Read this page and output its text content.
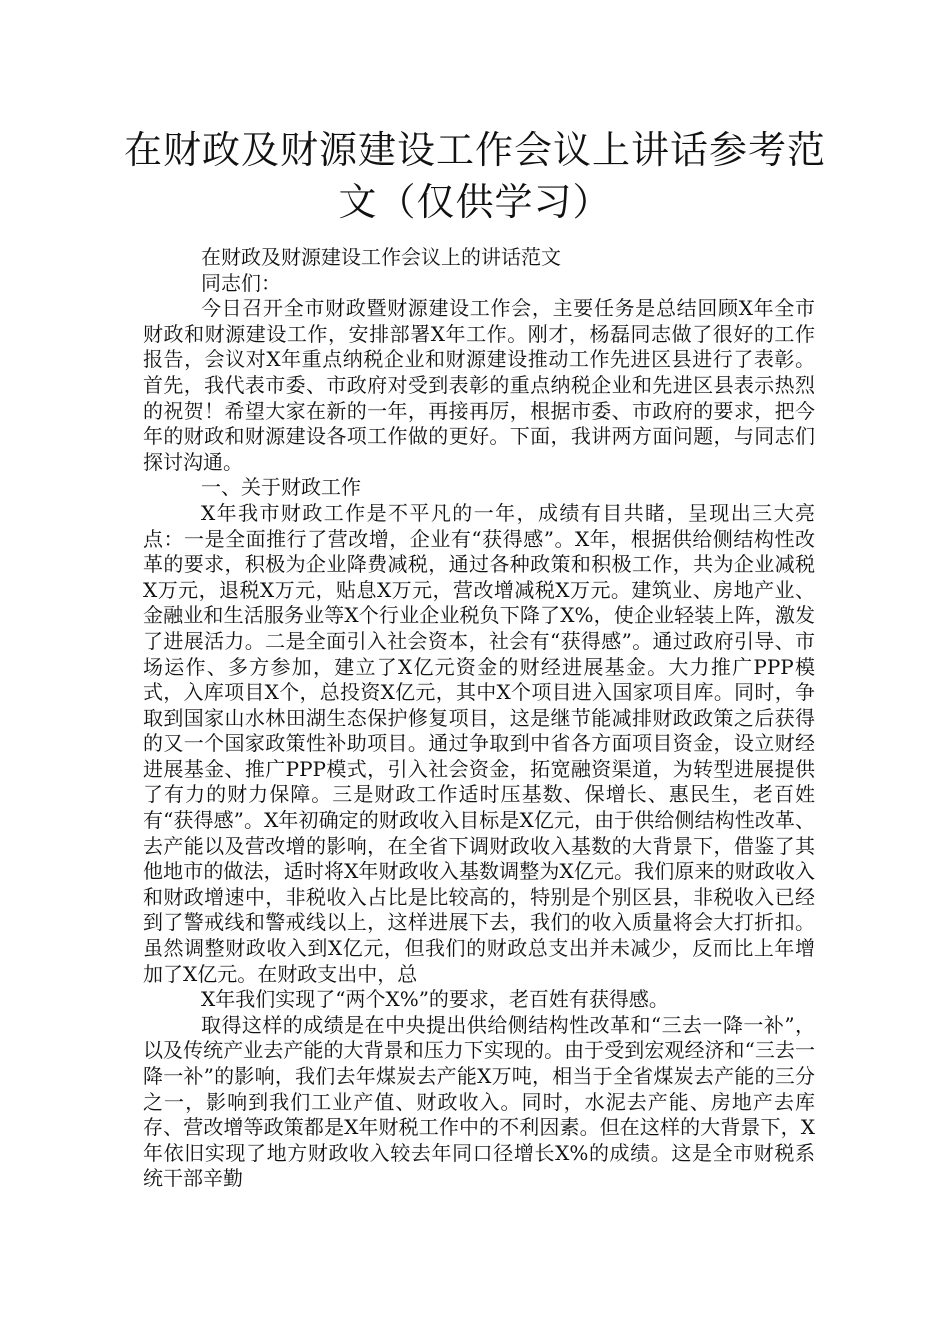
在财政及财源建设工作会议上讲话参考范文（仅供学习）

在财政及财源建设工作会议上的讲话范文

同志们：

今日召开全市财政暨财源建设工作会，主要任务是总结回顾X年全市财政和财源建设工作，安排部署X年工作。刚才，杨磊同志做了很好的工作报告，会议对X年重点纳税企业和财源建设推动工作先进区县进行了表彰。首先，我代表市委、市政府对受到表彰的重点纳税企业和先进区县表示热烈的祝贺！希望大家在新的一年，再接再厉，根据市委、市政府的要求，把今年的财政和财源建设各项工作做的更好。下面，我讲两方面问题，与同志们探讨沟通。

一、关于财政工作

X年我市财政工作是不平凡的一年，成绩有目共睹，呈现出三大亮点：一是全面推行了营改增，企业有“获得感”。X年，根据供给侧结构性改革的要求，积极为企业降费减税，通过各种政策和积极工作，共为企业减税X万元，退税X万元，贴息X万元，营改增减税X万元。建筑业、房地产业、金融业和生活服务业等X个行业企业税负下降了X%，使企业轻装上阵，激发了进展活力。二是全面引入社会资本，社会有“获得感”。通过政府引导、市场运作、多方参加，建立了X亿元资金的财经进展基金。大力推广PPP模式，入库项目X个，总投资X亿元，其中X个项目进入国家项目库。同时，争取到国家山水林田湖生态保护修复项目，这是继节能减排财政政策之后获得的又一个国家政策性补助项目。通过争取到中省各方面项目资金，设立财经进展基金、推广PPP模式，引入社会资金，拓宽融资渠道，为转型进展提供了有力的财力保障。三是财政工作适时压基数、保增长、惠民生，老百姓有“获得感”。X年初确定的财政收入目标是X亿元，由于供给侧结构性改革、去产能以及营改增的影响，在全省下调财政收入基数的大背景下，借鉴了其他地市的做法，适时将X年财政收入基数调整为X亿元。我们原来的财政收入和财政增速中，非税收入占比是比较高的，特别是个别区县，非税收入已经到了警戒线和警戒线以上，这样进展下去，我们的收入质量将会大打折扣。虽然调整财政收入到X亿元，但我们的财政总支出并未减少，反而比上年增加了X亿元。在财政支出中，总

X年我们实现了“两个X%”的要求，老百姓有获得感。

取得这样的成绩是在中央提出供给侧结构性改革和“三去一降一补”，以及传统产业去产能的大背景和压力下实现的。由于受到宏观经济和“三去一降一补”的影响，我们去年煤炭去产能X万吨，相当于全省煤炭去产能的三分之一，影响到我们工业产值、财政收入。同时，水泥去产能、房地产去库存、营改增等政策都是X年财税工作中的不利因素。但在这样的大背景下，X年依旧实现了地方财政收入较去年同口径增长X%的成绩。这是全市财税系统干部辛勤
